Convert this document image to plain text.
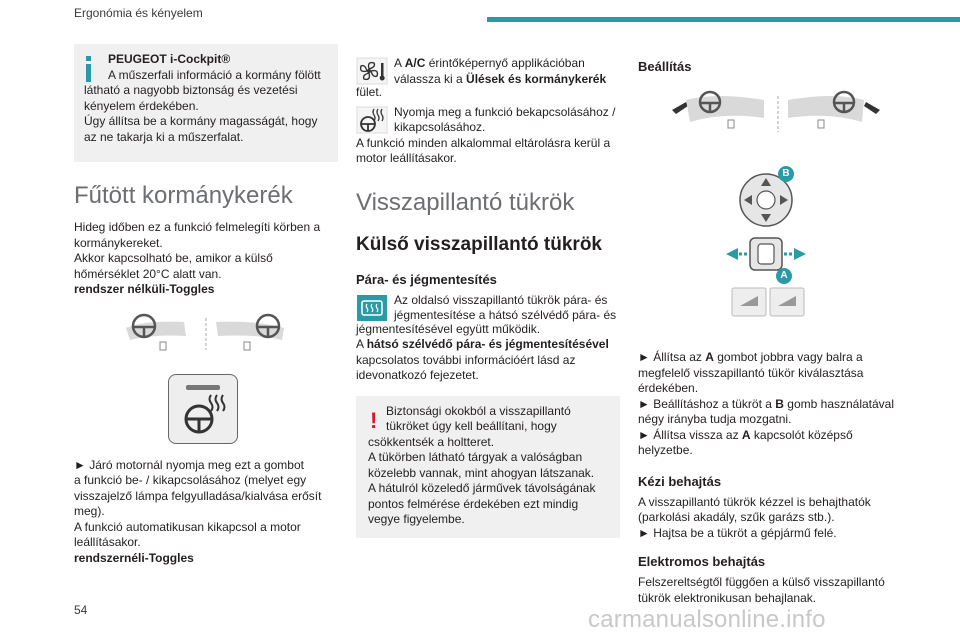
Ergonómia és kényelem

PEUGEOT i-Cockpit®

A műszerfali információ a kormány fölött

látható a nagyobb biztonság és vezetési

kényelem érdekében.

Úgy állítsa be a kormány magasságát, hogy

az ne takarja ki a műszerfalat.

Fűtött kormánykerék

Hideg időben ez a funkció felmelegíti körben a

kormánykereket.

Akkor kapcsolható be, amikor a külső

hőmérséklet 20°C alatt van.

rendszer nélküli-Toggles

► Járó motornál nyomja meg ezt a gombot

a funkció be- / kikapcsolásához (melyet egy

visszajelző lámpa felgyulladása/kialvása erősít

meg).

A funkció automatikusan kikapcsol a motor

leállításakor.

rendszernéli-Toggles

A A/C érintőképernyő applikációban

válassza ki a Ülések és kormánykerék

fület.

Nyomja meg a funkció bekapcsolásához /

kikapcsolásához.

A funkció minden alkalommal eltárolásra kerül a

motor leállításakor.

Visszapillantó tükrök
Külső visszapillantó tükrök
Pára- és jégmentesítés

Az oldalsó visszapillantó tükrök pára- és

jégmentesítése a hátsó szélvédő pára- és

jégmentesítésével együtt működik.

A hátsó szélvédő pára- és jégmentesítésével

kapcsolatos további információért lásd az

idevonatkozó fejezetet.

! Biztonsági okokból a visszapillantó

tükröket úgy kell beállítani, hogy

csökkentsék a holtteret.

A tükörben látható tárgyak a valóságban

közelebb vannak, mint ahogyan látszanak.

A hátulról közeledő járművek távolságának

pontos felmérése érdekében ezt mindig

vegye figyelembe.

Beállítás
B
A

► Állítsa az A gombot jobbra vagy balra a

megfelelő visszapillantó tükör kiválasztása

érdekében.

► Beállításhoz a tükröt a B gomb használatával

négy irányba tudja mozgatni.

► Állítsa vissza az A kapcsolót középső

helyzetbe.

Kézi behajtás

A visszapillantó tükrök kézzel is behajthatók

(parkolási akadály, szűk garázs stb.).

► Hajtsa be a tükröt a gépjármű felé.

Elektromos behajtás

Felszereltségtől függően a külső visszapillantó

tükrök elektronikusan behajlanak.

54	carmanualsonline.info
